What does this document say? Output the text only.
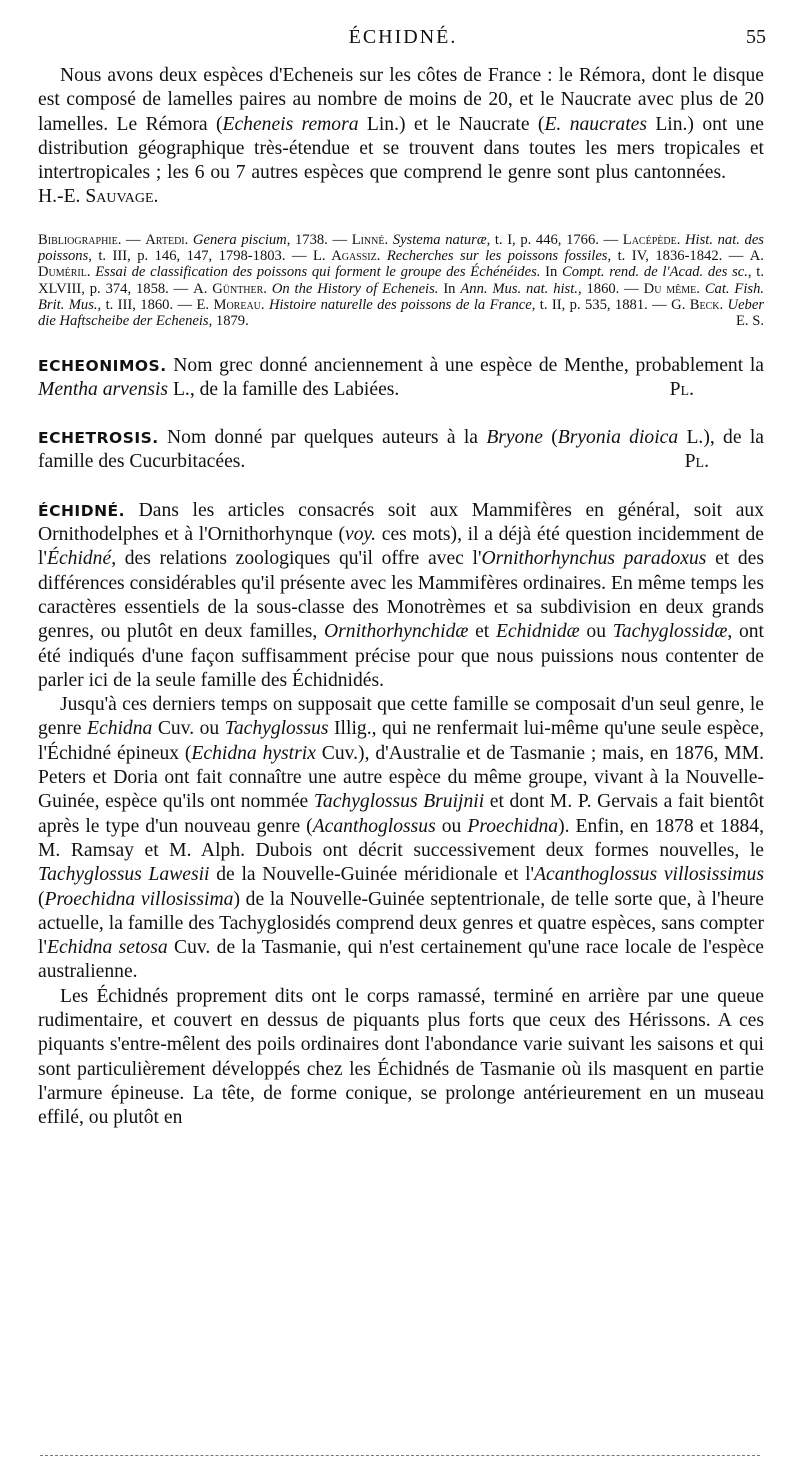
ÉCHIDNÉ.	55

Nous avons deux espèces d'Echeneis sur les côtes de France : le Rémora, dont le disque est composé de lamelles paires au nombre de moins de 20, et le Naucrate avec plus de 20 lamelles. Le Rémora (Echeneis remora Lin.) et le Naucrate (E. naucrates Lin.) ont une distribution géographique très-étendue et se trouvent dans toutes les mers tropicales et intertropicales ; les 6 ou 7 autres espèces que comprend le genre sont plus cantonnées.H.-E. Sauvage.

Bibliographie. — Artedi. Genera piscium, 1738. — Linné. Systema naturæ, t. I, p. 446, 1766. — Lacépède. Hist. nat. des poissons, t. III, p. 146, 147, 1798-1803. — L. Agassiz. Recherches sur les poissons fossiles, t. IV, 1836-1842. — A. Duméril. Essai de classification des poissons qui forment le groupe des Échénéides. In Compt. rend. de l'Acad. des sc., t. XLVIII, p. 374, 1858. — A. Günther. On the History of Echeneis. In Ann. Mus. nat. hist., 1860. — Du même. Cat. Fish. Brit. Mus., t. III, 1860. — E. Moreau. Histoire naturelle des poissons de la France, t. II, p. 535, 1881. — G. Beck. Ueber die Haftscheibe der Echeneis, 1879.	E. S.

ECHEONIMOS. Nom grec donné anciennement à une espèce de Menthe, probablement la Mentha arvensis L., de la famille des Labiées.	Pl.

ECHETROSIS. Nom donné par quelques auteurs à la Bryone (Bryonia dioica L.), de la famille des Cucurbitacées.	Pl.

ÉCHIDNÉ. Dans les articles consacrés soit aux Mammifères en général, soit aux Ornithodelphes et à l'Ornithorhynque (voy. ces mots), il a déjà été question incidemment de l'Échidné, des relations zoologiques qu'il offre avec l'Ornithorhynchus paradoxus et des différences considérables qu'il présente avec les Mammifères ordinaires. En même temps les caractères essentiels de la sous-classe des Monotrèmes et sa subdivision en deux grands genres, ou plutôt en deux familles, Ornithorhynchidæ et Echidnidæ ou Tachyglossidæ, ont été indiqués d'une façon suffisamment précise pour que nous puissions nous contenter de parler ici de la seule famille des Échidnidés.

Jusqu'à ces derniers temps on supposait que cette famille se composait d'un seul genre, le genre Echidna Cuv. ou Tachyglossus Illig., qui ne renfermait lui-même qu'une seule espèce, l'Échidné épineux (Echidna hystrix Cuv.), d'Australie et de Tasmanie ; mais, en 1876, MM. Peters et Doria ont fait connaître une autre espèce du même groupe, vivant à la Nouvelle-Guinée, espèce qu'ils ont nommée Tachyglossus Bruijnii et dont M. P. Gervais a fait bientôt après le type d'un nouveau genre (Acanthoglossus ou Proechidna). Enfin, en 1878 et 1884, M. Ramsay et M. Alph. Dubois ont décrit successivement deux formes nouvelles, le Tachyglossus Lawesii de la Nouvelle-Guinée méridionale et l'Acanthoglossus villosissimus (Proechidna villosissima) de la Nouvelle-Guinée septentrionale, de telle sorte que, à l'heure actuelle, la famille des Tachyglosidés comprend deux genres et quatre espèces, sans compter l'Echidna setosa Cuv. de la Tasmanie, qui n'est certainement qu'une race locale de l'espèce australienne.

Les Échidnés proprement dits ont le corps ramassé, terminé en arrière par une queue rudimentaire, et couvert en dessus de piquants plus forts que ceux des Hérissons. A ces piquants s'entre-mêlent des poils ordinaires dont l'abondance varie suivant les saisons et qui sont particulièrement développés chez les Échidnés de Tasmanie où ils masquent en partie l'armure épineuse. La tête, de forme conique, se prolonge antérieurement en un museau effilé, ou plutôt en
